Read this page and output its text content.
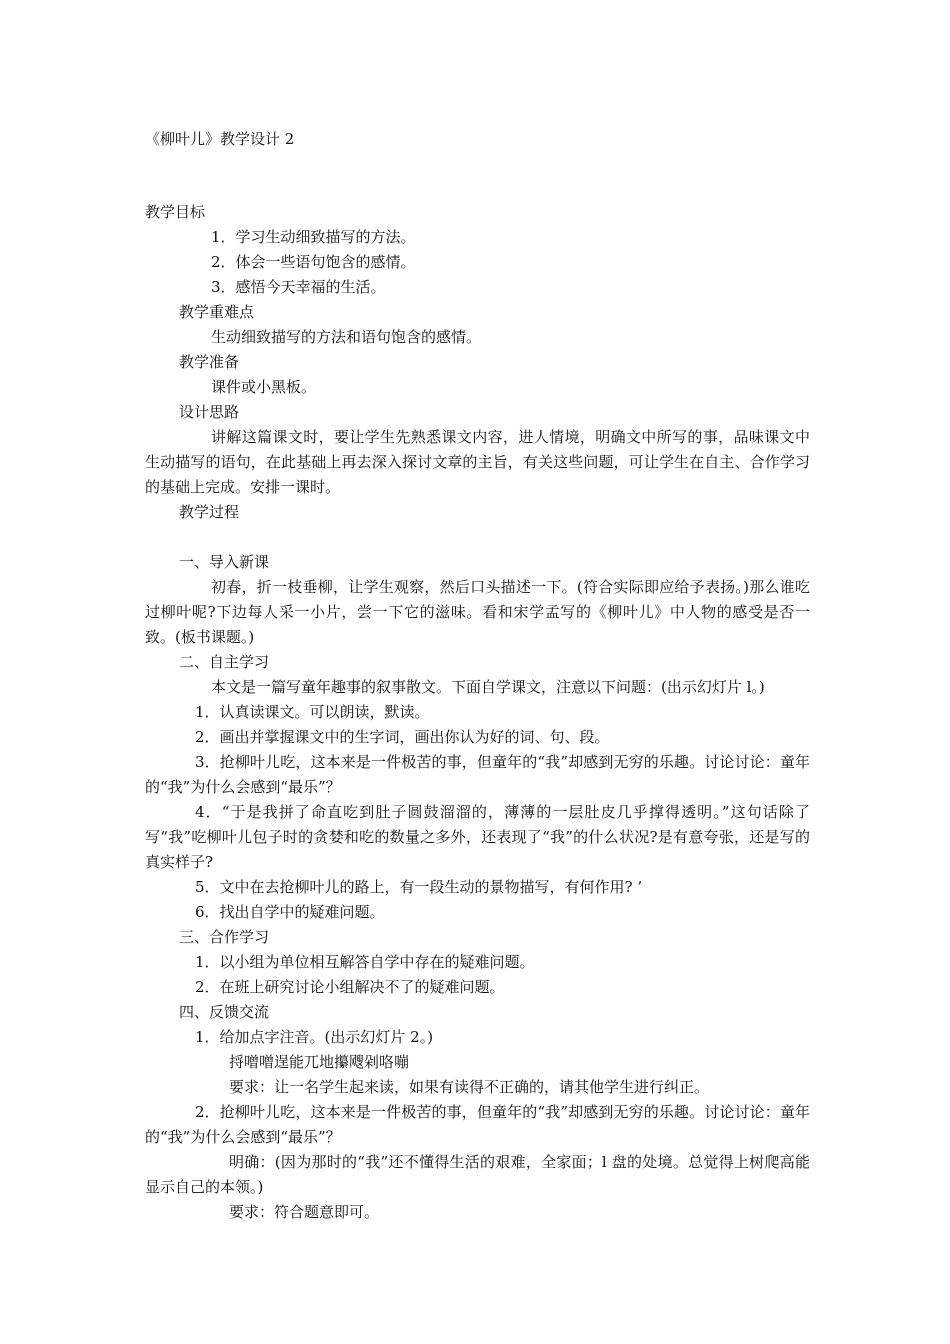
《柳叶儿》教学设计 2
教学目标
1．学习生动细致描写的方法。
2．体会一些语句饱含的感情。
3．感悟今天幸福的生活。
教学重难点
生动细致描写的方法和语句饱含的感情。
教学准备
课件或小黑板。
设计思路
讲解这篇课文时，要让学生先熟悉课文内容，进人情境，明确文中所写的事，品味课文中生动描写的语句，在此基础上再去深入探讨文章的主旨，有关这些问题，可让学生在自主、合作学习的基础上完成。安排一课时。
教学过程
一、导入新课
初春，折一枝垂柳，让学生观察，然后口头描述一下。(符合实际即应给予表扬。)那么谁吃过柳叶呢?下边每人采一小片，尝一下它的滋味。看和宋学孟写的《柳叶儿》中人物的感受是否一致。(板书课题。)
二、自主学习
本文是一篇写童年趣事的叙事散文。下面自学课文，注意以下问题：(出示幻灯片 l。)
1．认真读课文。可以朗读，默读。
2．画出并掌握课文中的生字词，画出你认为好的词、句、段。
3．抢柳叶儿吃，这本来是一件极苦的事，但童年的“我”却感到无穷的乐趣。讨论讨论：童年的“我”为什么会感到“最乐”？
4．“于是我拼了命直吃到肚子圆鼓溜溜的，薄薄的一层肚皮几乎撑得透明。”这句话除了写“我”吃柳叶儿包子时的贪婪和吃的数量之多外，还表现了“我”的什么状况?是有意夸张，还是写的真实样子?
5．文中在去抢柳叶儿的路上，有一段生动的景物描写，有何作用? ’
6．找出自学中的疑难问题。
三、合作学习
1．以小组为单位相互解答自学中存在的疑难问题。
2．在班上研究讨论小组解决不了的疑难问题。
四、反馈交流
1．给加点字注音。(出示幻灯片 2。)
捋噌噌逞能兀地攥飕剁咯嘣
要求：让一名学生起来读，如果有读得不正确的，请其他学生进行纠正。
2．抢柳叶儿吃，这本来是一件极苦的事，但童年的“我”却感到无穷的乐趣。讨论讨论：童年的“我”为什么会感到“最乐”？
明确：(因为那时的“我”还不懂得生活的艰难，全家面；l 盘的处境。总觉得上树爬高能显示自己的本领。)
要求：符合题意即可。
